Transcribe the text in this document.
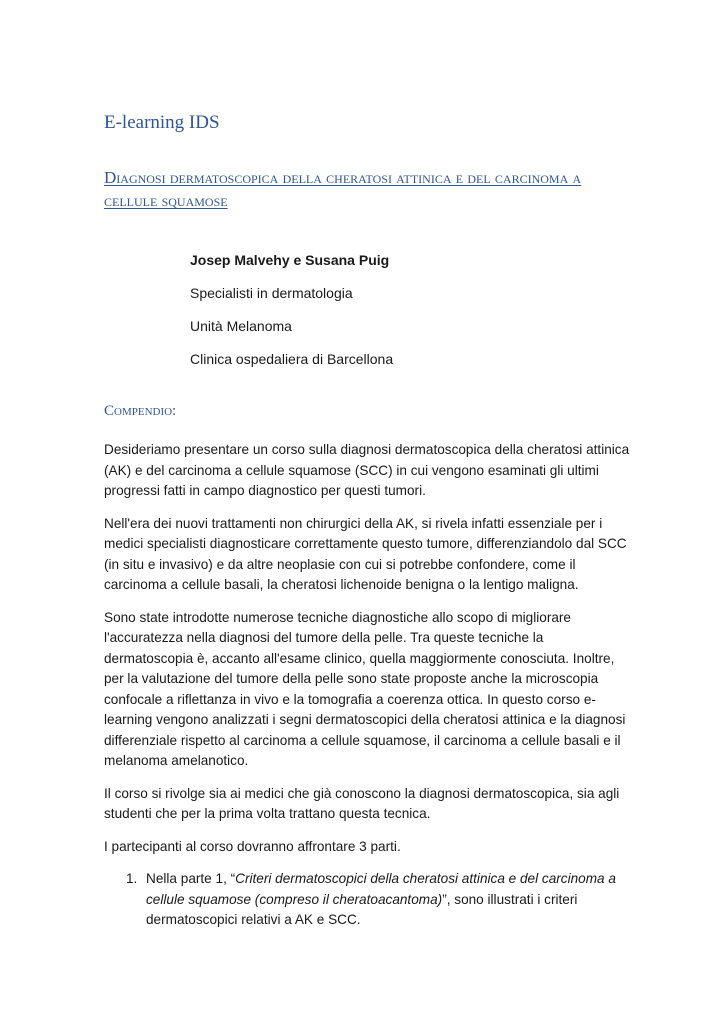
E-learning IDS
Diagnosi dermatoscopica della cheratosi attinica e del carcinoma a cellule squamose
Josep Malvehy e Susana Puig
Specialisti in dermatologia
Unità Melanoma
Clinica ospedaliera di Barcellona
Compendio:

Desideriamo presentare un corso sulla diagnosi dermatoscopica della cheratosi attinica (AK) e del carcinoma a cellule squamose (SCC) in cui vengono esaminati gli ultimi progressi fatti in campo diagnostico per questi tumori.

Nell'era dei nuovi trattamenti non chirurgici della AK, si rivela infatti essenziale per i medici specialisti diagnosticare correttamente questo tumore, differenziandolo dal SCC (in situ e invasivo) e da altre neoplasie con cui si potrebbe confondere, come il carcinoma a cellule basali, la cheratosi lichenoide benigna o la lentigo maligna.

Sono state introdotte numerose tecniche diagnostiche allo scopo di migliorare l'accuratezza nella diagnosi del tumore della pelle. Tra queste tecniche la dermatoscopia è, accanto all'esame clinico, quella maggiormente conosciuta. Inoltre, per la valutazione del tumore della pelle sono state proposte anche la microscopia confocale a riflettanza in vivo e la tomografia a coerenza ottica. In questo corso e-learning vengono analizzati i segni dermatoscopici della cheratosi attinica e la diagnosi differenziale rispetto al carcinoma a cellule squamose, il carcinoma a cellule basali e il melanoma amelanotico.

Il corso si rivolge sia ai medici che già conoscono la diagnosi dermatoscopica, sia agli studenti che per la prima volta trattano questa tecnica.

I partecipanti al corso dovranno affrontare 3 parti.

1. Nella parte 1, “Criteri dermatoscopici della cheratosi attinica e del carcinoma a cellule squamose (compreso il cheratoacantoma)”, sono illustrati i criteri dermatoscopici relativi a AK e SCC.
